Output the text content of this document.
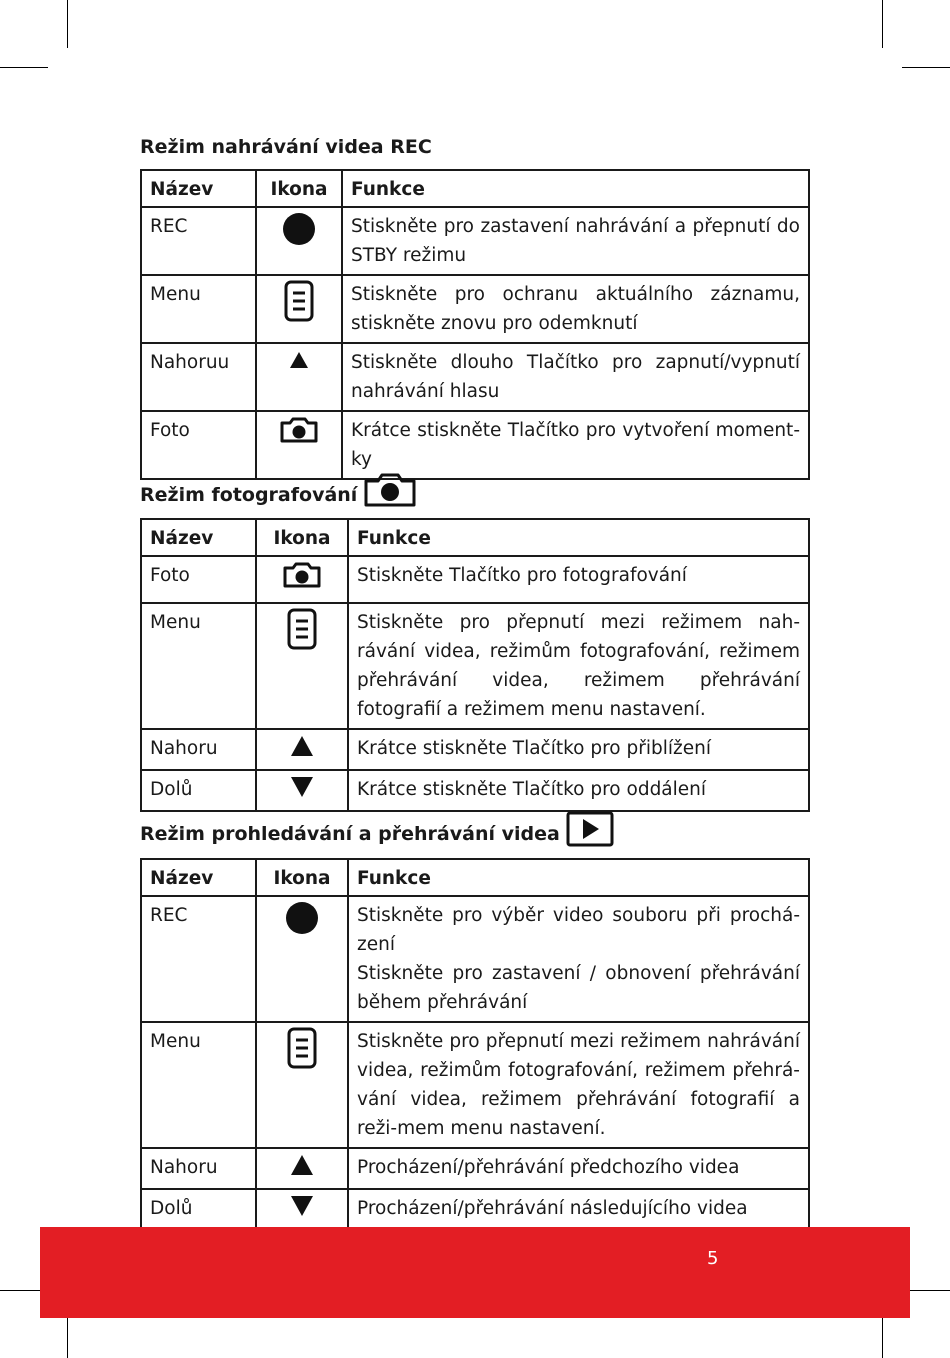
Režim nahrávání videa REC
Název	Ikona	Funkce
REC		Stiskněte pro zastavení nahrávání a přepnutí do STBY režimu
Menu		Stiskněte pro ochranu aktuálního záznamu, stiskněte znovu pro odemknutí
Nahoruu		Stiskněte dlouho Tlačítko pro zapnutí/vypnutí nahrávání hlasu
Foto		Krátce stiskněte Tlačítko pro vytvoření moment-ky
Režim fotografování
Název	Ikona	Funkce
Foto		Stiskněte Tlačítko pro fotografování
Menu		Stiskněte pro přepnutí mezi režimem nah-rávání videa, režimům fotografování, režimem přehrávání videa, režimem přehrávání fotografií a režimem menu nastavení.
Nahoru		Krátce stiskněte Tlačítko pro přiblížení
Dolů		Krátce stiskněte Tlačítko pro oddálení
Režim prohledávání a přehrávání videa
Název	Ikona	Funkce
REC		Stiskněte pro výběr video souboru při prochá-zení
Stiskněte pro zastavení / obnovení přehrávání během přehrávání

Menu		Stiskněte pro přepnutí mezi režimem nahrávání videa, režimům fotografování, režimem přehrá-vání videa, režimem přehrávání fotografií a reži-mem menu nastavení.
Nahoru		Procházení/přehrávání předchozího videa
Dolů		Procházení/přehrávání následujícího videa
5
